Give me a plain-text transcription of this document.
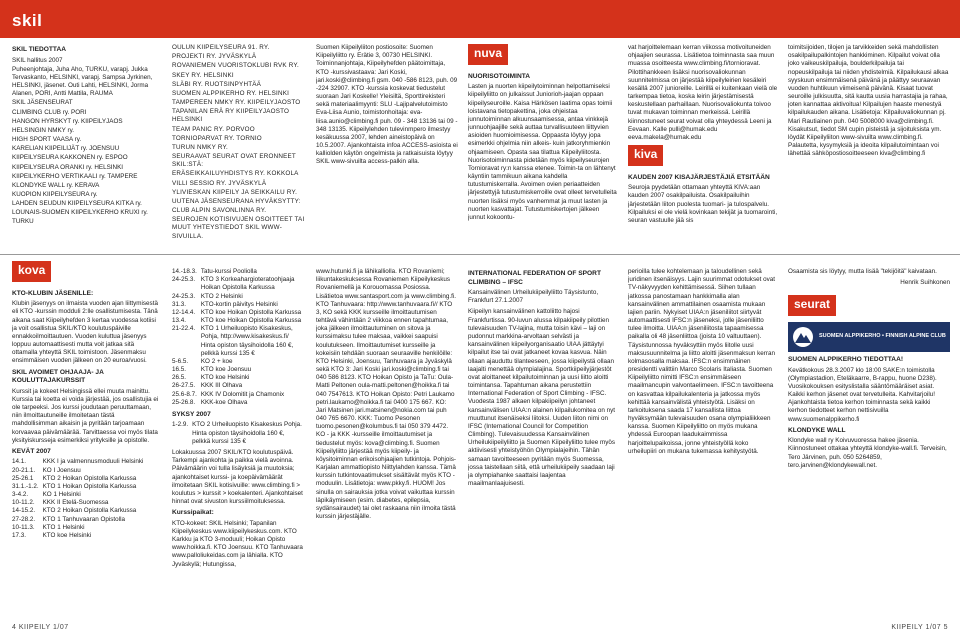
skil
SKIL TIEDOTTAA

SKIL hallitus 2007

Puheenjohtaja, Juha Aho, TURKU, varapj. Jukka Tervaskanto, HELSINKI, varapj. Sampsa Jyrkinen, HELSINKI, jäsenet. Outi Lahti, HELSINKI, Jorma Alanen, PORI, Antti Mattila, RAUMA

SKIL JÄSENSEURAT

CLIMBING CLUB ry. PORI

HANGON HYRSKYT ry. KIIPEILYJAOS

HELSINGIN NMKY ry.

HIGH SPORT VAASA ry.

KARELIAN KIIPEILIJÄT ry. JOENSUU

KIIPEILYSEURA KAKKONEN ry. ESPOO

KIIPEILYSEURA ORANKI ry. HELSINKI

KIIPEILYKERHO VERTIKAALI ry. TAMPERE

KLONDYKE WALL ry. KERAVA

KUOPION KIIPEILYSEURA ry.

LAHDEN SEUDUN KIIPEILYSEURA KITKA ry.

LOUNAIS-SUOMEN KIIPEILYKERHO KRUXI ry. TURKU

OULUN KIIPEILYSEURA 91. RY.

PROJEKTI RY. JYVÄSKYLÄ

ROVANIEMEN VUORISTOKLUBI RVK RY.

SKEY RY. HELSINKI

SLÄBI RY. RUOTSINPYHTÄÄ

SUOMEN ALPPIKERHO RY. HELSINKI

TAMPEREEN NMKY RY. KIIPEILYJAOSTO

TAPANILAN ERÄ RY KIIPEILYJAOSTO HELSINKI

TEAM PANIC RY. PORVOO

TORNIOPARVAT RY. TORNIO

TURUN NMKY RY.

SEURAAVAT SEURAT OVAT ERONNEET SKIL:STÄ:

ERÄSEIKKAILUYHDISTYS RY. KOKKOLA

VILLI SESSIO RY. JYVÄSKYLÄ

YLIVIESKAN KIIPEILY JA SEIKKAILU RY.

UUTENA JÄSENSEURANA HYVÄKSYTTY:

CLUB ALPIN SAVONLINNA RY.

SEUROJEN KOTISIVUJEN OSOITTEET TAI MUUT YHTEYSTIEDOT SKIL WWW-SIVUILLA.

Suomen Kiipeilyliiton postiosoite: Suomen Kiipeilyliitto ry. Erätie 3, 00730 HELSINKI. Toiminnanjohtaja, Kiipeilyhefden päätoimittaja, KTO -kurssivastaava: Jari Koski, jari.koski@climbing.fi gsm. 040 -586 8123, puh. 09 -224 32907. KTO -kurssia koskevat tiedustelut suoraan Jari Koskelle! Yleisiltä, Sporttirekisteri sekä materiaalimyynti: SLU -Lajipalvelutoimisto Eva-Liisa Aunio, toimistonhoitaja: eva-liisa.aunio@climbing.fi puh. 09 - 348 13136 tai 09 - 348 13135. Kiipeilylehden tulevinmpero ilmestyy kesäkuussa 2007, lehden aineistopäivä on 10.5.2007. Ajankohtaista infoa ACCESS-asioista ei kalliolden käytön ongelmista ja ratkaisuista löytyy SKIL www-sivuilta access-palkin alla.

nuva
NUORISOTOIMINTA

Lasten ja nuorten kiipeilytoiminnan helpottamiseksi kiipeilyliitto on julkaissut Juniorioh-jaajan oppaan kiipeilyseuroille. Kaisa Härkösen laatima opas toimii loistavana tietopakettina, joka ohjeistaa junnutoiminnan alkuunsaamisessa, antaa vinkkejä junnuohjaajille sekä auttaa turvallisuuteen liittyvien asioiden huomioimisessa. Oppaasta löytyy jopa esimerkki ohjelmia niin alkeis- kuin jatkoryhmienkin ohjaamiseen. Opasta saa tilattua Kiipeilyliitosta. Nuorisotoiminnasta pidetään myös kiipeilyseurojen Tornioravat ry:n kanssa etenee. Toimin-ta on lähtenyt käyntiin tammikuun aikana kahdella tutustumiskerralla. Avoimen ovien periaatteiden järjestettyjä tutustumiskerroille ovat olleet tervetulleita nuorten lisäksi myös vanhemmat ja muut lasten ja nuorten kasvattajat. Tutustumiskertojen jälkeen junnut kokoontu-

vat harjoittelemaan kerran viikossa motivoituneiden ohjaajien seurassa. Lisätietoa toiminnasta saa muun muassa osoitteesta www.climbing.fi/tornioravat. Pilottihankkeen lisäksi nuorisovaliokunnan suunnitelmissa on järjestää kiipeilyleirien kesäleiri kesällä 2007 junioreille. Leirillä ei kuitenkaan vielä ole tarkempaa tietoa, koska leirin järjestämisestä keskustellaan parhaillaan. Nuorisovaliokunta toivoo tuvat mukavan toiminnan merkeissä. Leirillä kiinnostuneet seurat voivat olla yhteydessä Leeni ja Eevaan. Kalle pulli@humak.edu eeva.makela@humak.edu

kiva
KAUDEN 2007 KISAJÄRJESTÄJIÄ ETSITÄÄN

Seuroja pyydetään ottamaan yhteyttä KIVA:aan kauden 2007 osakilpailuista. Osakilpailuihin järjestetään liiton puolesta tuomari- ja tulospalvelu. Kilpailuksi ei ole vielä kovinkaan tekijät ja tuomarointi, seuran vastuulle jää sis

toimitsijoiden, tilojen ja tarvikkeiden sekä mahdollisten osakilpailupalkintojen hankkiminen. Kilpailut voivat olla joko vaikeuskilpailuja, boulderkilpailuja tai nopeuskilpailuja tai niiden yhdistelmiä. Kilpailukausi alkaa syyskuun ensimmäisenä päivänä ja päättyy seuraavan vuoden huhtikuun viimeisenä päivänä. Kisaat tuovat seuroille julkisuutta, sitä kautta uusia harrastajia ja rahaa, joten kannattaa aktivoitua! Kilpailujen haaste menestyä kilpailukauden aikana. Lisätietoja: Kilpailuvaliokunnan pj. Mari Rautiainen puh. 040 5008000 kiva@climbing.fi. Kisakutsut, tiedot SM cupin pisteistä ja sijoituksista ym. löydät Kiipeilyliiton www-sivuilta www.climbing.fi. Palautetta, kysymyksiä ja ideoita kilpailutoimintaan voi lähettää sähköpostiosoitteeseen kiva@climbing.fi

kova
KTO-KLUBIN JÄSENILLE:

Klubin jäsenyys on ilmaista vuoden ajan liittymisestä eli KTO -kurssin modduli 2:lle osallistumisesta. Tänä aikana saat Kiipeilyhefden 3 kertaa vuodessa kotiisi ja voit osallistua SKIL/KTO koulutuspäiville ennakkoilmoittautuen. Vuoden kuluttua jäsenyys loppuu automaattisesti mutta voit jatkaa sitä ottamalla yhteyttä SKIL toimistoon. Jäsenmaksu ensimmäisen vuoden jälkeen on 20 euroa/vuosi.

SKIL AVOIMET OHJAAJA- JA KOULUTTAJAKURSSIT

Kurssit ja kokeet Helsingissä ellei muuta mainittu. Kurssia tai koetta ei voida järjestää, jos osallistujia ei ole tarpeeksi. Jos kurssi joudutaan peruuttamaan, niin ilmoittautuneille ilmoitetaan tästä mahdollisimman aikaisin ja pyritään tarjoamaan korvaavaa päivämäärää. Tarvittaessa voi myös tilata yksityiskursseja esimerkiksi yrityksille ja opistolle.

KEVÄT 2007
14.1.	KKK I ja valmennusmoduuli Helsinki
20-21.1.	KO I Joensuu
25-26.1	KTO 2 Hoikan Opistolla Karkussa
31.1.-1.2.	KTO 1 Hoikan Opistolla Karkussa
3-4.2.	KO 1 Helsinki
10-11.2.	KKK II Etelä-Suomessa
14-15.2.	KTO 2 Hoikan Opistolla Karkussa
27-28.2.	KTO 1 Tanhuvaaran Opistolla
10-11.3.	KTO 1 Helsinki
17.3.	KTO koe Helsinki
14.-18.3.	Tatu-kurssi Pooliolla
24-25.3.	KTO 3 Korkeahargioteratoohjaaja Hoikan Opistolla Karkussa
24-25.3.	KTO 2 Helsinki
31.3.	KTO-kortin päivitys Helsinki
12-14.4.	KTO koe Hoikan Opistolla Karkussa
13.4.	KTO koe Hoikan Opistolla Karkussa
21-22.4.	KTO 1 Urheiluopisto Kisakeskus, Pohja, http://www.kisakeskus.fi/ Hinta opiston täysihoidolla 160 €, pelkkä kurssi 135 €
5-6.5.	KO 2 + koe
16.5.	KTO koe Joensuu
26.5.	KTO koe Helsinki
26-27.5.	KKK III Olhava
25.6-8.7.	KKK IV Dolomitit ja Chamonix
25-26.8.	KKK-koe Olhava
SYKSY 2007
1-2.9.	KTO 2 Urheiluopisto Kisakeskus Pohja. Hinta opiston täysihoidolla 160 €, pelkkä kurssi 135 €

Lokakuussa 2007 SKIL/KTO koulutuspäivä. Tarkempi ajankohta ja paikka vielä avoinna. Päivämäärin voi tulla lisäyksiä ja muutoksia; ajankohtaiset kurssi- ja koepäivämäärät ilmoitetaan SKIL kotisivuille: www.climbing.fi > koulutus > kurssit > koekalenteri. Ajankohtaiset hinnat ovat sivuston kurssiilmoituksessa.

Kurssipaikat:

KTO-kokeet: SKIL Helsinki; Tapanilan Kiipeilykeskus www.kiipeilykeskus.com. KTO Karkku ja KTO 3-moduuli; Hoikan Opisto www.hoikka.fi. KTO Joensuu. KTO Tanhuvaara www.palloliukeidas.com ja lähialla. KTO Jyväskylä; Hutungissa,

www.hutunki.fi ja lähikalliolla. KTO Rovaniemi; liikuntakeskuksessa Rovaniemen Kiipeilykeskus Rovaniemellä ja Korouomassa Posiossa. Lisätietoa www.santasport.com ja www.climbing.fi. KTO Tanhuvaara: http://www.tanhuvaara.fi// KTO 3, KO sekä KKK kursseille ilmoittautumisen tehtävä vähintään 2 viikkoa ennen tapahtumaa, joka jälkeen ilmoittautuminen on sitova ja kurssimaksu tulee maksaa, vaikkei saapuisi koulutukseen. Ilmoittautumiset kursseille ja kokeisiin tehdään suoraan seuraaville henkilöille: KTO Helsinki, Joensuu, Tanhuvaara ja Jyväskylä sekä KTO 3: Jari Koski jari.koski@climbing.fi tai 040 586 8123. KTO Hoikan Opisto ja TaTu: Oula-Matti Peltonen oula-matti.peltonen@hoikka.fi tai 040 7547613. KTO Hoikan Opisto: Petri Laukamo petri.laukamo@hoikka.fi tai 0400 175 667. KO: Jari Matsinen jari.matsinen@nokia.com tai puh 040 765 6670. KKK: Tuomo Pesonen tuomo.pesonen@kolumbus.fi tai 050 379 4472. KO - ja KKK -kursseille ilmoittautumiset ja tiedustelut myös: kova@climbing.fi. Suomen Kiipeilyliitto järjestää myös kiipeily- ja köysitoiminnan erikoisohjaajien tutkintoja. Pohjois-Karjalan ammattiopisto Niittylahden kanssa. Tämä kurssin tutkintovaatimukset sisältävät myös KTO -moduulin. Lisätietoja: www.pkky.fi. HUOM! Jos sinulla on sairauksia jotka voivat vaikuttaa kurssin läpikäymiseen (esim. diabetes, epilepsia, sydänsairaudet) tai olet raskaana niin ilmoita tästä kurssin järjestäjälle.

INTERNATIONAL FEDERATION OF SPORT CLIMBING – IFSC

Kansainvälinen Urheilukiipeilyliitto Täysistunto, Frankfurt 27.1.2007

Kiipeilyn kansainvälinen kattoliitto hajosi Frankfurtissa. 90-luvun alussa kilpakiipeily pilottien tulevaisuuden TV-lajina, mutta toisin kävi – laji on pudonnut markkina-arvoltaan selvästi ja kansainvälinen kiipeilyorganisaatio UIAA jättäytyi kilpailut itse tai ovat jatkaneet kovaa kasvua. Näin ollaan ajauduttu tilanteeseen, jossa kiipeilystä ollaan laajalti menettää olympialajina. Sportkiipeilyjärjestöt ovat aloittaneet kilpailutoiminnan ja uusi liitto aloitti toimintansa. Tapahtuman aikana perustettiin International Federation of Sport Climbing - IFSC. Vuodesta 1987 alkaen kilpakiipeilyn johtaneet kansainvälisen UIAA:n alainen kilpailukomitea on nyt muuttunut itsenäiseksi liitoksi. Uuden liiton nimi on IFSC (International Council for Competition Climbing). Tulevaisuudessa Kansainvälinen Urheilukiipeilyliitto ja Suomen Kiipeilyliitto tulee myös aktiivisesti yhteistyöhön Olympialajeihin. Tähän samaan tavoitteeseen pyritään myös Suomessa, jossa taistellaan siitä, että urheilukiipeily saadaan laji ja olympiahanke saattaisi laajentaa maailmanlaajuisesti.

perioilla tulee kohtelemaan ja taloudellinen sekä juridinen itsenäisyys. Lajin suurimmat odotukset ovat TV-näkyvyyden kehittämisessä. Siihen tullaan jatkossa panostamaan hankkimalla alan kansainvälinen ammattilainen osaamista mukaan lajien pariin. Nykyiset UIAA:n jäseniliitot siirtyvät automaattisesti IFSC:n jäseneksi, jolle jäseniliitto tulee ilmoitta. UIAA:n jäseniliitosta tapaamisessa paikalla oli 48 jäsenliittoa (joista 10 valtuuttaen). Täysistunnossa hyväksyttiin myös liitolle uusi maksusuunnitelma ja liitto aloitti jäsenmaksun kerran kolmasosalla maksaa. IFSC:n ensimmäinen presidentti valittiin Marco Scolaris Italiasta. Suomen Kiipeilyliitto nimitti IFSC:n ensimmäiseen maailmancupin valvontaelimeen. IFSC:n tavoitteena on kasvattaa kilpailukalenteria ja jatkossa myös kehittää kansainvälistä yhteistyötä. Lisäksi on tarkoituksena saada 17 kansallista liittoa hyväksymään tulevaisuuden osana olympialiikkeen kanssa. Suomen Kiipeilyliitto on myös mukana yhdessä Euroopan laadukaimmissa harjoittelupaikoissa, jonne yhteistyöllä koko urheilupiiri on mukana tukemassa kehitystyötä.

Osaamista sis löytyy, mutta lisää "tekijöitä" kaivataan.

Henrik Suihkonen

seurat
SUOMEN ALPPIKERHO • FINNISH ALPINE CLUB
SUOMEN ALPPIKERHO TIEDOTTAA!

Kevätkokous 28.3.2007 klo 18:00 SAKE:n toimistolla (Olympiastadion, Eteläkaarre, B-rappu, huone D238). Vuosikokouksen esityslistalla sääntömääräiset asiat. Kaikki kerhon jäsenet ovat tervetulleita. Kahvitarjoilu! Ajankohtaista tietoa kerhon toiminnasta sekä kaikki kerhon tiedotteet kerhon nettisivuilla www.suomenalppikerho.fi

KLONDYKE WALL

Klondyke wall ry Koivuvuoressa hakee jäsenia. Kiinnostuneet ottakaa yhteyttä klondyke-wall.fi. Terveisin, Tero Järvinen, puh. 050 5264859, tero.jarvinen@klondykewall.net.

4 KIIPEILY 1/07	KIIPEILY 1/07 5
